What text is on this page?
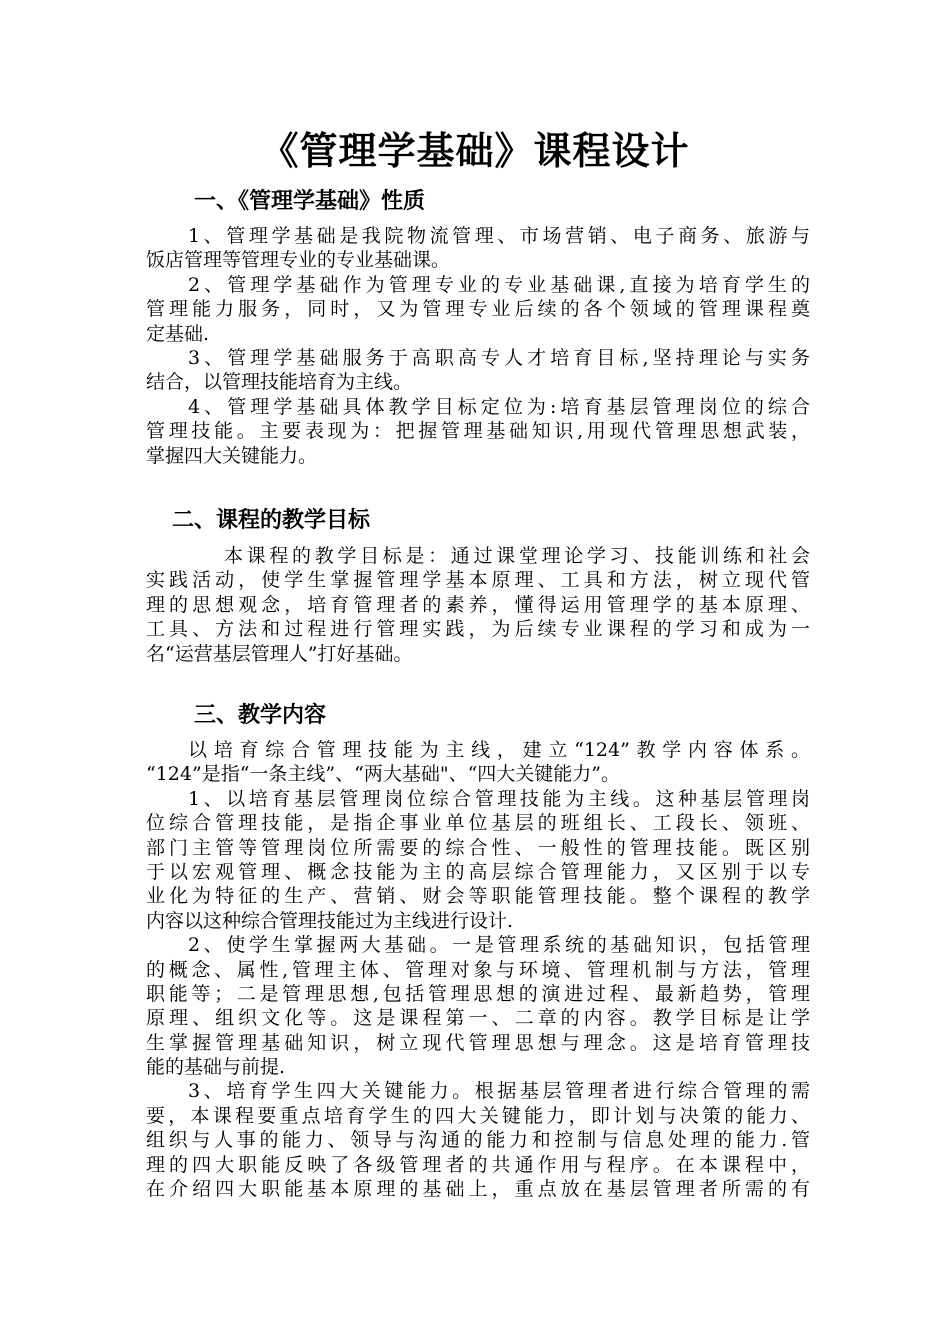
《管理学基础》课程设计
一、《管理学基础》性质
1、管理学基础是我院物流管理、市场营销、电子商务、旅游与
饭店管理等管理专业的专业基础课。
2、管理学基础作为管理专业的专业基础课,直接为培育学生的
管理能力服务，同时，又为管理专业后续的各个领域的管理课程奠
定基础.
3、管理学基础服务于高职高专人才培育目标,坚持理论与实务
结合，以管理技能培育为主线。
4、管理学基础具体教学目标定位为:培育基层管理岗位的综合
管理技能。主要表现为：把握管理基础知识,用现代管理思想武装，
掌握四大关键能力。
二、课程的教学目标
本课程的教学目标是：通过课堂理论学习、技能训练和社会
实践活动，使学生掌握管理学基本原理、工具和方法，树立现代管
理的思想观念，培育管理者的素养，懂得运用管理学的基本原理、
工具、方法和过程进行管理实践，为后续专业课程的学习和成为一
名“运营基层管理人”打好基础。
三、教学内容
以培育综合管理技能为主线，建立“124”教学内容体系。
“124”是指“一条主线”、“两大基础"、“四大关键能力”。
1、以培育基层管理岗位综合管理技能为主线。这种基层管理岗
位综合管理技能，是指企事业单位基层的班组长、工段长、领班、
部门主管等管理岗位所需要的综合性、一般性的管理技能。既区别
于以宏观管理、概念技能为主的高层综合管理能力，又区别于以专
业化为特征的生产、营销、财会等职能管理技能。整个课程的教学
内容以这种综合管理技能过为主线进行设计.
2、使学生掌握两大基础。一是管理系统的基础知识，包括管理
的概念、属性,管理主体、管理对象与环境、管理机制与方法，管理
职能等；二是管理思想,包括管理思想的演进过程、最新趋势，管理
原理、组织文化等。这是课程第一、二章的内容。教学目标是让学
生掌握管理基础知识，树立现代管理思想与理念。这是培育管理技
能的基础与前提.
3、培育学生四大关键能力。根据基层管理者进行综合管理的需
要，本课程要重点培育学生的四大关键能力，即计划与决策的能力、
组织与人事的能力、领导与沟通的能力和控制与信息处理的能力.管
理的四大职能反映了各级管理者的共通作用与程序。在本课程中，
在介绍四大职能基本原理的基础上，重点放在基层管理者所需的有
